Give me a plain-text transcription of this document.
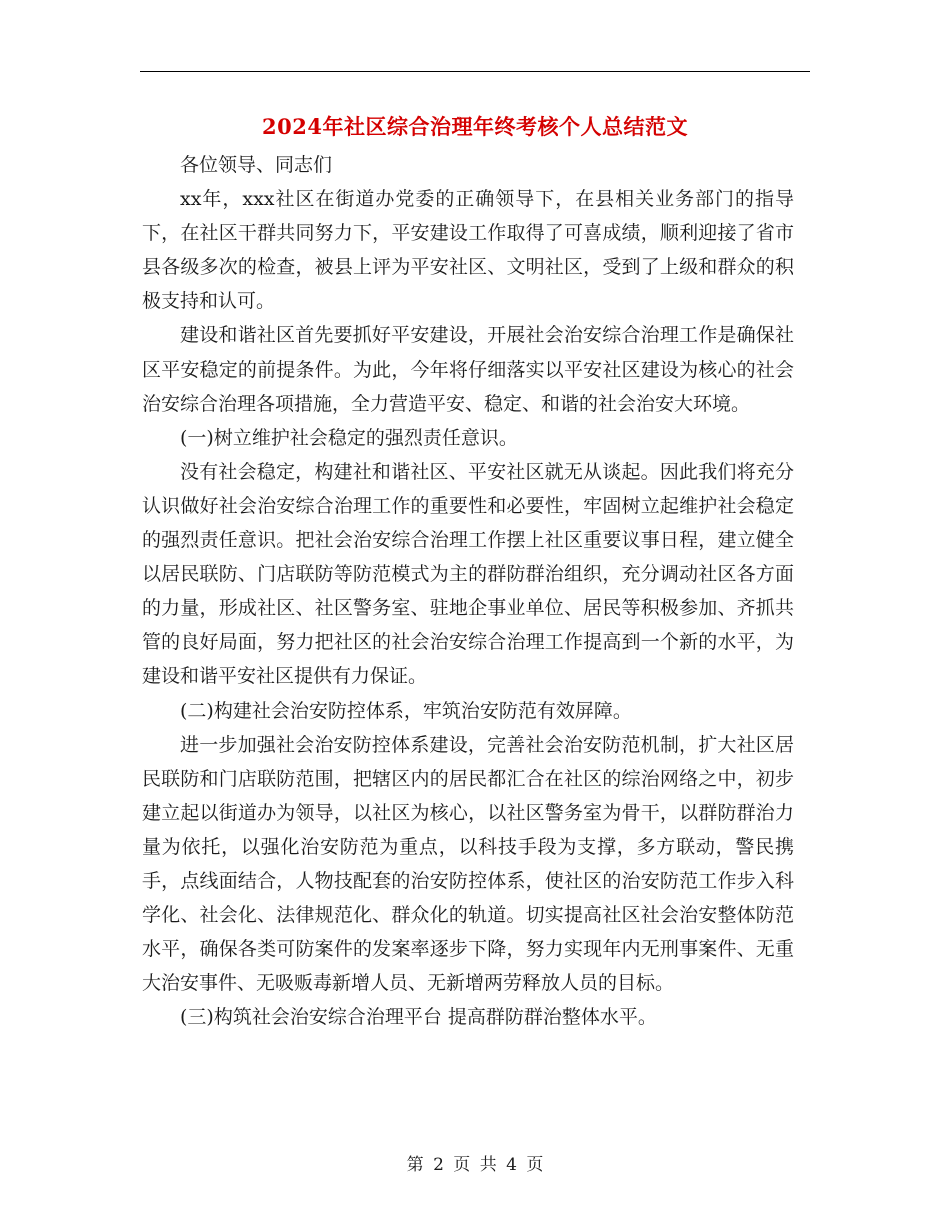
2024年社区综合治理年终考核个人总结范文

各位领导、同志们

xx年，xxx社区在街道办党委的正确领导下，在县相关业务部门的指导下，在社区干群共同努力下，平安建设工作取得了可喜成绩，顺利迎接了省市县各级多次的检查，被县上评为平安社区、文明社区，受到了上级和群众的积极支持和认可。

建设和谐社区首先要抓好平安建设，开展社会治安综合治理工作是确保社区平安稳定的前提条件。为此，今年将仔细落实以平安社区建设为核心的社会治安综合治理各项措施，全力营造平安、稳定、和谐的社会治安大环境。

(一)树立维护社会稳定的强烈责任意识。

没有社会稳定，构建社和谐社区、平安社区就无从谈起。因此我们将充分认识做好社会治安综合治理工作的重要性和必要性，牢固树立起维护社会稳定的强烈责任意识。把社会治安综合治理工作摆上社区重要议事日程，建立健全以居民联防、门店联防等防范模式为主的群防群治组织，充分调动社区各方面的力量，形成社区、社区警务室、驻地企事业单位、居民等积极参加、齐抓共管的良好局面，努力把社区的社会治安综合治理工作提高到一个新的水平，为建设和谐平安社区提供有力保证。

(二)构建社会治安防控体系，牢筑治安防范有效屏障。

进一步加强社会治安防控体系建设，完善社会治安防范机制，扩大社区居民联防和门店联防范围，把辖区内的居民都汇合在社区的综治网络之中，初步建立起以街道办为领导，以社区为核心，以社区警务室为骨干，以群防群治力量为依托，以强化治安防范为重点，以科技手段为支撑，多方联动，警民携手，点线面结合，人物技配套的治安防控体系，使社区的治安防范工作步入科学化、社会化、法律规范化、群众化的轨道。切实提高社区社会治安整体防范水平，确保各类可防案件的发案率逐步下降，努力实现年内无刑事案件、无重大治安事件、无吸贩毒新增人员、无新增两劳释放人员的目标。

(三)构筑社会治安综合治理平台 提高群防群治整体水平。

第 2 页 共 4 页
